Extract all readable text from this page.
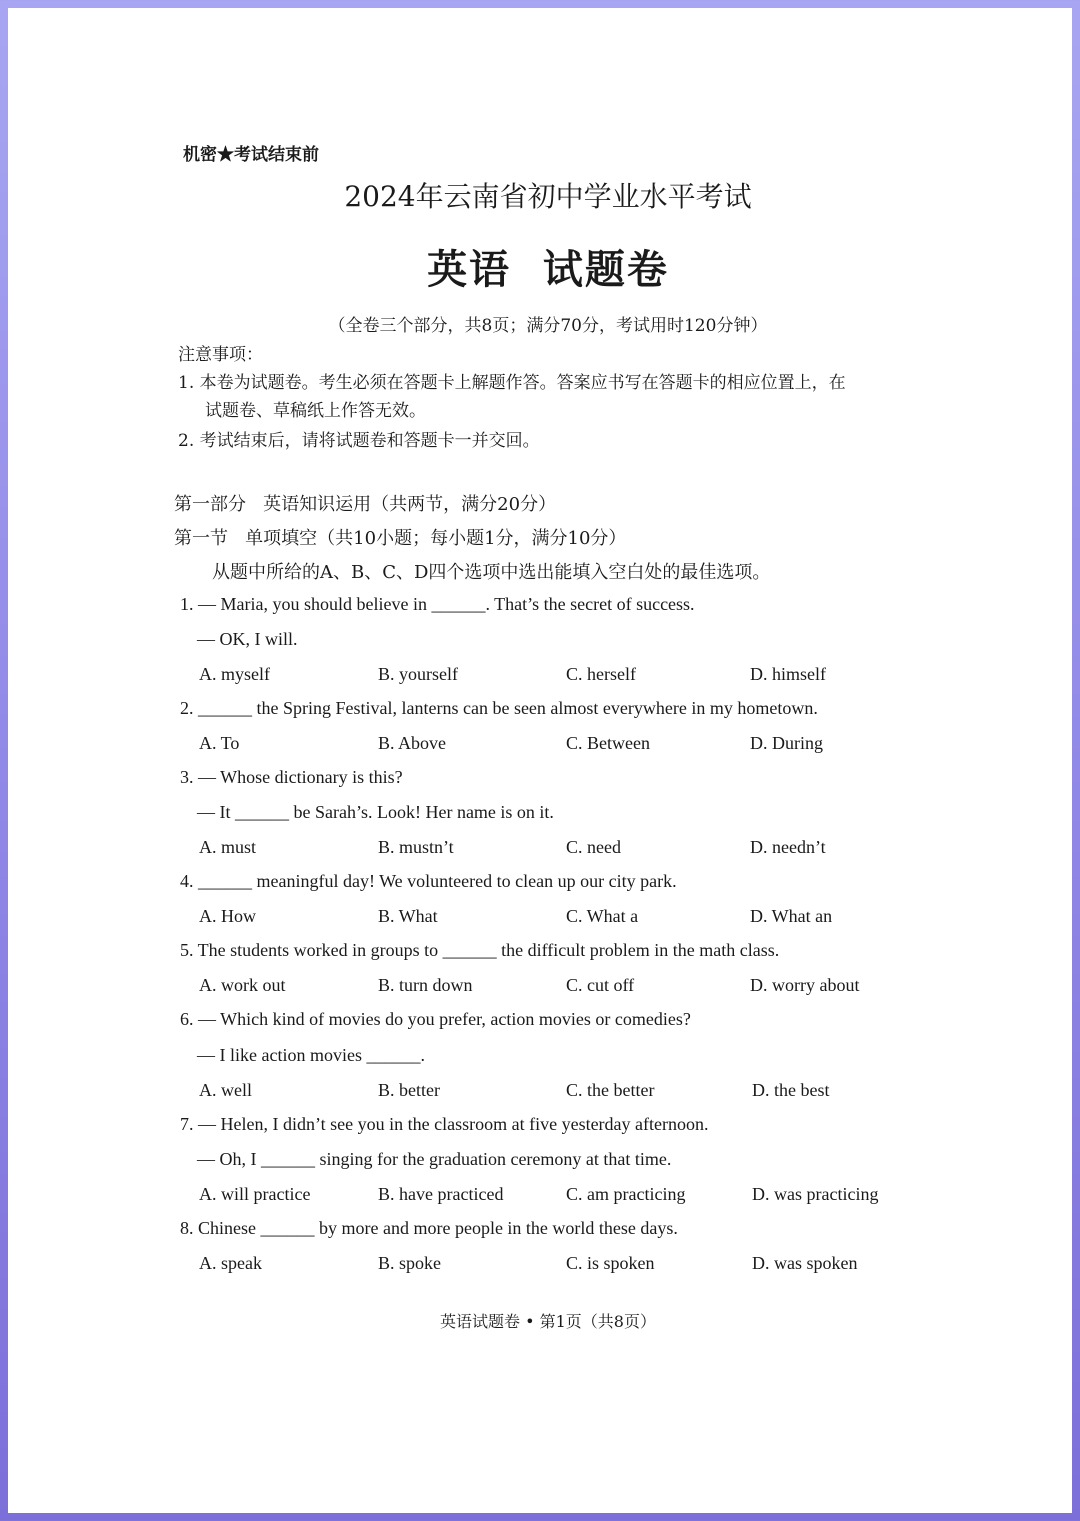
机密★考试结束前
2024年云南省初中学业水平考试
英语  试题卷
（全卷三个部分，共8页；满分70分，考试用时120分钟）
注意事项：
1. 本卷为试题卷。考生必须在答题卡上解题作答。答案应书写在答题卡的相应位置上，在
试题卷、草稿纸上作答无效。
2. 考试结束后，请将试题卷和答题卡一并交回。
第一部分   英语知识运用（共两节，满分20分）
第一节   单项填空（共10小题；每小题1分，满分10分）
从题中所给的A、B、C、D四个选项中选出能填入空白处的最佳选项。
1. — Maria, you should believe in ______. That’s the secret of success.
— OK, I will.
A. myself	B. yourself	C. herself	D. himself
2. ______ the Spring Festival, lanterns can be seen almost everywhere in my hometown.
A. To	B. Above	C. Between	D. During
3. — Whose dictionary is this?
— It ______ be Sarah’s. Look! Her name is on it.
A. must	B. mustn’t	C. need	D. needn’t
4. ______ meaningful day! We volunteered to clean up our city park.
A. How	B. What	C. What a	D. What an
5. The students worked in groups to ______ the difficult problem in the math class.
A. work out	B. turn down	C. cut off	D. worry about
6. — Which kind of movies do you prefer, action movies or comedies?
— I like action movies ______.
A. well	B. better	C. the better	D. the best
7. — Helen, I didn’t see you in the classroom at five yesterday afternoon.
— Oh, I ______ singing for the graduation ceremony at that time.
A. will practice	B. have practiced	C. am practicing	D. was practicing
8. Chinese ______ by more and more people in the world these days.
A. speak	B. spoke	C. is spoken	D. was spoken
英语试题卷 • 第1页（共8页）
